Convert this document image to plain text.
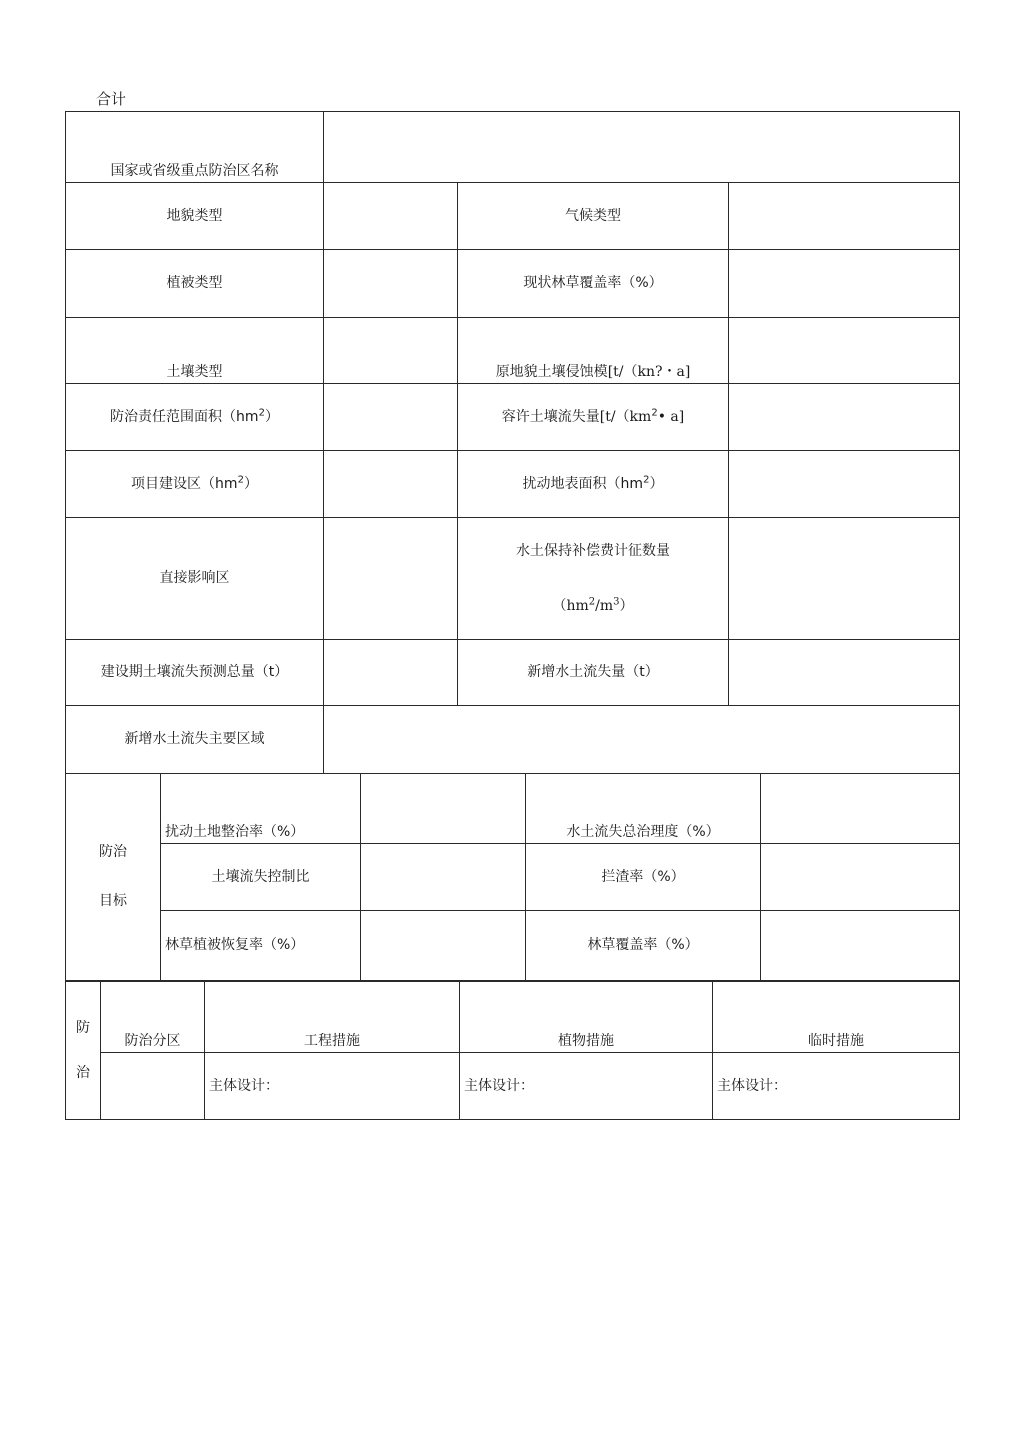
合计
国家或省级重点防治区名称			
地貌类型		气候类型	
植被类型		现状林草覆盖率（%）	
土壤类型		原地貌土壤侵蚀模[t/（kn?・a]	
防治责任范围面积$(hm^2)$		容许土壤流失量[$t/(km^2•$ a]	
项目建设区$(hm^2)$		扰动地表面积$(hm^2)$	
直接影响区		水土保持补偿费计征数量
$(hm^2/m^3)$	

建设期土壤流失预测总量（t）		新增水土流失量（t）	
新增水土流失主要区域			
防治
目标	扰动土地整治率（%）		水土流失总治理度（%）	
	土壤流失控制比		拦渣率（%）	
	林草植被恢复率（%）		林草覆盖率（%）	
防
治	防治分区	工程措施	植物措施	临时措施
		主体设计：	主体设计：	主体设计：
